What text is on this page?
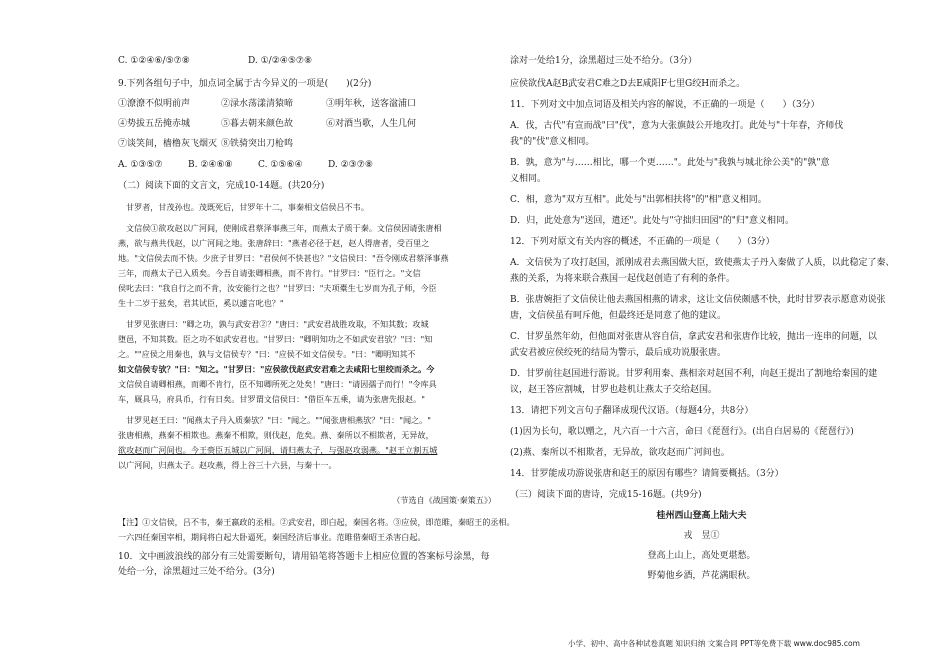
C. ①②④⑥/⑤⑦⑧	D. ①/②④⑤⑦⑧
9.下列各组句子中，加点词全属于古今异义的一项是(　　)(2分)
①潦潦不似明前声	②渌水荡漾清猿啼	③明年秋，送客湓浦口
④势拔五岳掩赤城	⑤暮去朝来颜色故	⑥对酒当歌，人生几何
⑦谈笑间，樯橹灰飞烟灭 ⑧铁骑突出刀枪鸣
A. ①③⑤⑦	B. ②④⑥⑧	C. ①⑤⑥④	D. ②③⑦⑧
（二）阅读下面的文言文，完成10-14题。(共20分)
甘罗者，甘茂孙也。茂既死后，甘罗年十二，事秦相文信侯吕不韦。
文信侯①欲攻赵以广河间，使刚成君蔡泽事燕三年，而燕太子质于秦。文信侯因请张唐相
燕，欲与燕共伐赵，以广河间之地。张唐辞曰："燕者必径于赵，赵人得唐者，受百里之
地。"文信侯去而不快。少庶子甘罗曰："君侯何不快甚也？"文信侯曰："吾令刚成君蔡泽事燕
三年，而燕太子已入质矣。今吾自请张卿相燕，而不肯行。"甘罗曰："臣行之。"文信
侯叱去曰："我自行之而不肯，汝安能行之也？"甘罗曰："夫项橐生七岁而为孔子师，今臣
生十二岁于兹矣，君其试臣，奚以遽言叱也？"
甘罗见张唐曰："卿之功，孰与武安君②？"唐曰："武安君战胜攻取，不知其数；攻城
堕邑，不知其数。臣之功不如武安君也。"甘罗曰："卿明知功之不如武安君欤？"曰："知
之。""应侯之用秦也，孰与文信侯专？"曰："应侯不如文信侯专。"曰："卿明知其不
如文信侯专欤？"曰："知之。"甘罗曰："应侯欲伐赵武安君难之去咸阳七里绞而杀之。今
文信侯自请卿相燕，而卿不肯行，臣不知卿所死之处矣！"唐曰："请因孺子而行！"令库具
车，厩具马，府具币，行有日矣。甘罗谓文信侯曰："借臣车五乘，请为张唐先报赵。"
甘罗见赵王曰："闻燕太子丹入质秦欤？"曰："闻之。""闻张唐相燕欤？"曰："闻之。"
张唐相燕，燕秦不相欺也。燕秦不相欺，则伐赵，危矣。燕、秦所以不相欺者，无异故，
欲攻赵而广河间也。今王赍臣五城以广河间，请归燕太子，与强赵攻弱燕。"赵王立割五城
以广河间，归燕太子。赵攻燕，得上谷三十六县，与秦十一。
（节选自《战国策·秦策五》）
【注】①文信侯，吕不韦，秦王嬴政的丞相。②武安君，即白起，秦国名将。③应侯，即范睢，秦昭王的丞相。
一六四任秦国宰相，期间将白起大卧逼死，秦国经济后事业。范睢借秦昭王杀害白起。
10．文中画波浪线的部分有三处需要断句，请用铅笔将答题卡上相应位置的答案标号涂黑，每
处给一分，涂黑超过三处不给分。(3分)
涂对一处给1分，涂黑超过三处不给分。（3分）
应侯欲伐A赵B武安君C难之D去E咸阳F七里G绞H而杀之。
11．下列对文中加点词语及相关内容的解说，不正确的一项是（　　）（3分）
A．伐，古代"有宣而战"曰"伐"，意为大张旗鼓公开地攻打。此处与"十年春，齐师伐
我"的"伐"意义相同。
B．孰，意为"与……相比，哪一个更……"。此处与"我孰与城北徐公美"的"孰"意
义相同。
C．相，意为"双方互相"。此处与"出郭相扶将"的"相"意义相同。
D．归，此处意为"送回，遣还"。此处与"守拙归田园"的"归"意义相同。
12．下列对原文有关内容的概述，不正确的一项是（　　）（3分）
A．文信侯为了攻打赵国，派刚成君去燕国做大臣，致使燕太子丹入秦做了人质，以此稳定了秦、
燕的关系，为将来联合燕国一起伐赵创造了有利的条件。
B．张唐婉拒了文信侯让他去燕国相燕的请求，这让文信侯颇感不快，此时甘罗表示愿意劝说张
唐，文信侯虽有呵斥他，但最终还是同意了他的建议。
C．甘罗虽然年幼，但他面对张唐从容自信，拿武安君和张唐作比较，抛出一连串的问题，以
武安君被应侯绞死的结局为警示，最后成功说服张唐。
D．甘罗前往赵国进行游说。甘罗利用秦、燕相亲对赵国不利，向赵王提出了割地给秦国的建
议，赵王答应割城，甘罗也趁机让燕太子交给赵国。
13．请把下列文言句子翻译成现代汉语。（每题4分，共8分）
(1)因为长句，歌以赠之，凡六百一十六言，命曰《琵琶行》。(出自白居易的《琵琶行》)
(2)燕、秦所以不相欺者，无异故，欲攻赵而广河间也。
14．甘罗能成功游说张唐和赵王的原因有哪些？请简要概括。（3分）
（三）阅读下面的唐诗，完成15-16题。(共9分)
桂州西山登高上陆大夫
戎　昱①
登高上山上，高处更堪愁。
野菊他乡酒，芦花满眼秋。
小学、初中、高中各种试卷真题 知识归纳 文案合同 PPT等免费下载 www.doc985.com
